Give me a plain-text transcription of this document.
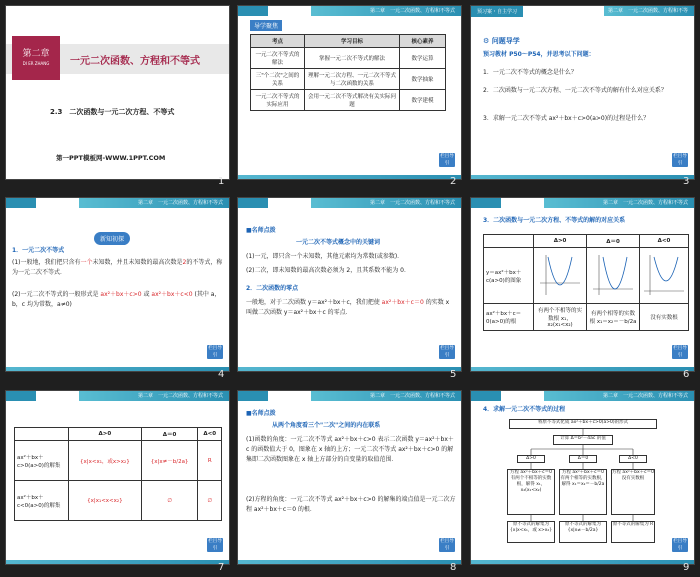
第二章
DI ER ZHANG	一元二次函数、方程和不等式
2.3　二次函数与一元二次方程、不等式
第一PPT模板网-WWW.1PPT.COM
1
第二章　一元二次函数、方程和不等式
导学聚焦
考点	学习目标	核心素养
一元二次不等式的解法	掌握一元二次不等式的解法	数学运算
三"个二次"之间的关系	理解一元二次方程、一元二次不等式与二次函数的关系	数学抽象
一元二次不等式的实际应用	会用一元二次不等式解决有关实际问题	数学建模
栏目导引
2
预习案・自主学习	第二章　一元二次函数、方程和不等式
⚙ 问题导学
预习教材 P50～P54，并思考以下问题：
1．一元二次不等式的概念是什么？
2．二次函数与一元二次方程、一元二次不等式的解有什么对应关系？
3．求解一元二次不等式 ax²＋bx＋c>0(a>0)的过程是什么？
栏目导引
3
第二章　一元二次函数、方程和不等式
新知初探
1．一元二次不等式
(1)一般地，我们把只含有一个未知数，并且未知数的最高次数是2的不等式，称为一元二次不等式．
(2)一元二次不等式的一般形式是 ax²＋bx＋c>0 或 ax²＋bx＋c<0 (其中 a，b，c 均为常数，a≠0)
栏目导引
4
第二章　一元二次函数、方程和不等式
■名师点拨
一元二次不等式概念中的关键词
(1)一元，即只含一个未知数，其他元素均为常数(或参数)．
(2)二次，即未知数的最高次数必须为 2，且其系数不能为 0．
2．二次函数的零点
一般地，对于二次函数 y＝ax²＋bx＋c，我们把使 ax²＋bx＋c＝0 的实数 x 叫做二次函数 y＝ax²＋bx＋c 的零点．
栏目导引
5
第二章　一元二次函数、方程和不等式
3．二次函数与一元二次方程、不等式的解的对应关系
	Δ>0	Δ＝0	Δ<0
y＝ax²＋bx＋c(a>0)的图象			
ax²＋bx＋c＝0(a>0)的根	有两个不相等的实数根 x₁，x₂(x₁<x₂)	有两个相等的实数根 x₁＝x₂＝－b/2a	没有实数根
栏目导引
6
第二章　一元二次函数、方程和不等式
	Δ>0	Δ＝0	Δ<0
ax²＋bx＋c>0(a>0)的解集	{x|x<x₁，或x>x₂}	{x|x≠－b/2a}	R
ax²＋bx＋c<0(a>0)的解集	{x|x₁<x<x₂}	∅	∅
栏目导引
7
第二章　一元二次函数、方程和不等式
■名师点拨
从两个角度看三个"二次"之间的内在联系
(1)函数的角度：一元二次不等式 ax²＋bx＋c>0 表示二次函数 y＝ax²＋bx＋c 的函数值大于 0，图象在 x 轴的上方；一元二次不等式 ax²＋bx＋c>0 的解集即二次函数图象在 x 轴上方部分的自变量的取值范围．
(2)方程的角度：一元二次不等式 ax²＋bx＋c>0 的解集的端点值是一元二次方程 ax²＋bx＋c＝0 的根．
栏目导引
8
第二章　一元二次函数、方程和不等式
4．求解一元二次不等式的过程
将原不等式化成 ax²＋bx＋c>0(a>0)的形式
计算 Δ＝b²－4ac 的值
Δ>0	Δ＝0	Δ<0
方程 ax²＋bx＋c＝0 有两个不相等的实数根，解得 x₁，x₂(x₁<x₂)
方程 ax²＋bx＋c＝0 有两个相等的实数根，解得 x₁＝x₂＝－b/2a
方程 ax²＋bx＋c＝0 没有实数根
原不等式的解集为 {x|x<x₁，或 x>x₂}
原不等式的解集为 {x|x≠－b/2a}
原不等式的解集为 R
栏目导引
9
